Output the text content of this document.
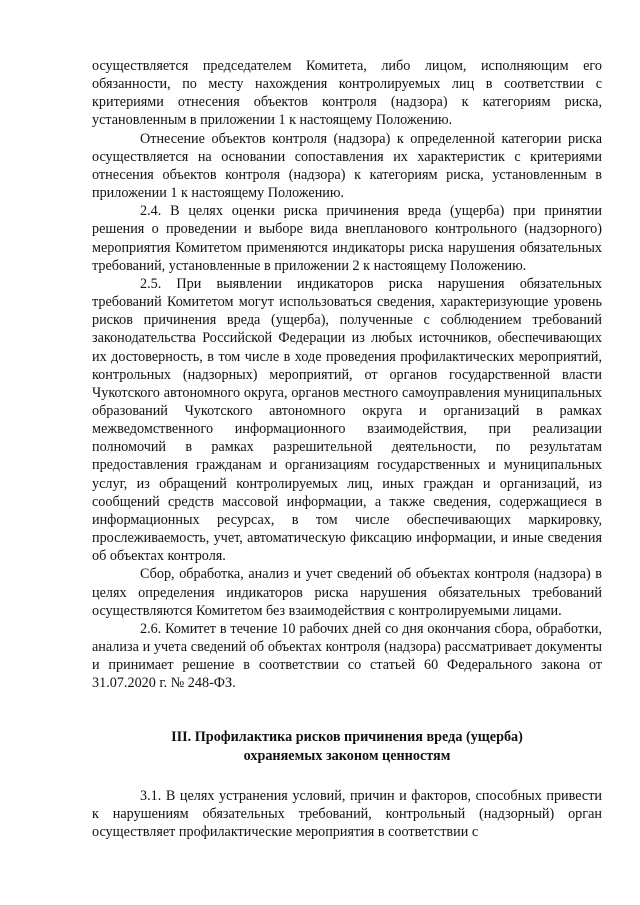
осуществляется председателем Комитета, либо лицом, исполняющим его обязанности, по месту нахождения контролируемых лиц в соответствии с критериями отнесения объектов контроля (надзора) к категориям риска, установленным в приложении 1 к настоящему Положению.

Отнесение объектов контроля (надзора) к определенной категории риска осуществляется на основании сопоставления их характеристик с критериями отнесения объектов контроля (надзора) к категориям риска, установленным в приложении 1 к настоящему Положению.

2.4. В целях оценки риска причинения вреда (ущерба) при принятии решения о проведении и выборе вида внепланового контрольного (надзорного) мероприятия Комитетом применяются индикаторы риска нарушения обязательных требований, установленные в приложении 2 к настоящему Положению.

2.5. При выявлении индикаторов риска нарушения обязательных требований Комитетом могут использоваться сведения, характеризующие уровень рисков причинения вреда (ущерба), полученные с соблюдением требований законодательства Российской Федерации из любых источников, обеспечивающих их достоверность, в том числе в ходе проведения профилактических мероприятий, контрольных (надзорных) мероприятий, от органов государственной власти Чукотского автономного округа, органов местного самоуправления муниципальных образований Чукотского автономного округа и организаций в рамках межведомственного информационного взаимодействия, при реализации полномочий в рамках разрешительной деятельности, по результатам предоставления гражданам и организациям государственных и муниципальных услуг, из обращений контролируемых лиц, иных граждан и организаций, из сообщений средств массовой информации, а также сведения, содержащиеся в информационных ресурсах, в том числе обеспечивающих маркировку, прослеживаемость, учет, автоматическую фиксацию информации, и иные сведения об объектах контроля.

Сбор, обработка, анализ и учет сведений об объектах контроля (надзора) в целях определения индикаторов риска нарушения обязательных требований осуществляются Комитетом без взаимодействия с контролируемыми лицами.

2.6. Комитет в течение 10 рабочих дней со дня окончания сбора, обработки, анализа и учета сведений об объектах контроля (надзора) рассматривает документы и принимает решение в соответствии со статьей 60 Федерального закона от 31.07.2020 г. № 248-ФЗ.

III. Профилактика рисков причинения вреда (ущерба)
охраняемых законом ценностям

3.1. В целях устранения условий, причин и факторов, способных привести к нарушениям обязательных требований, контрольный (надзорный) орган осуществляет профилактические мероприятия в соответствии с
